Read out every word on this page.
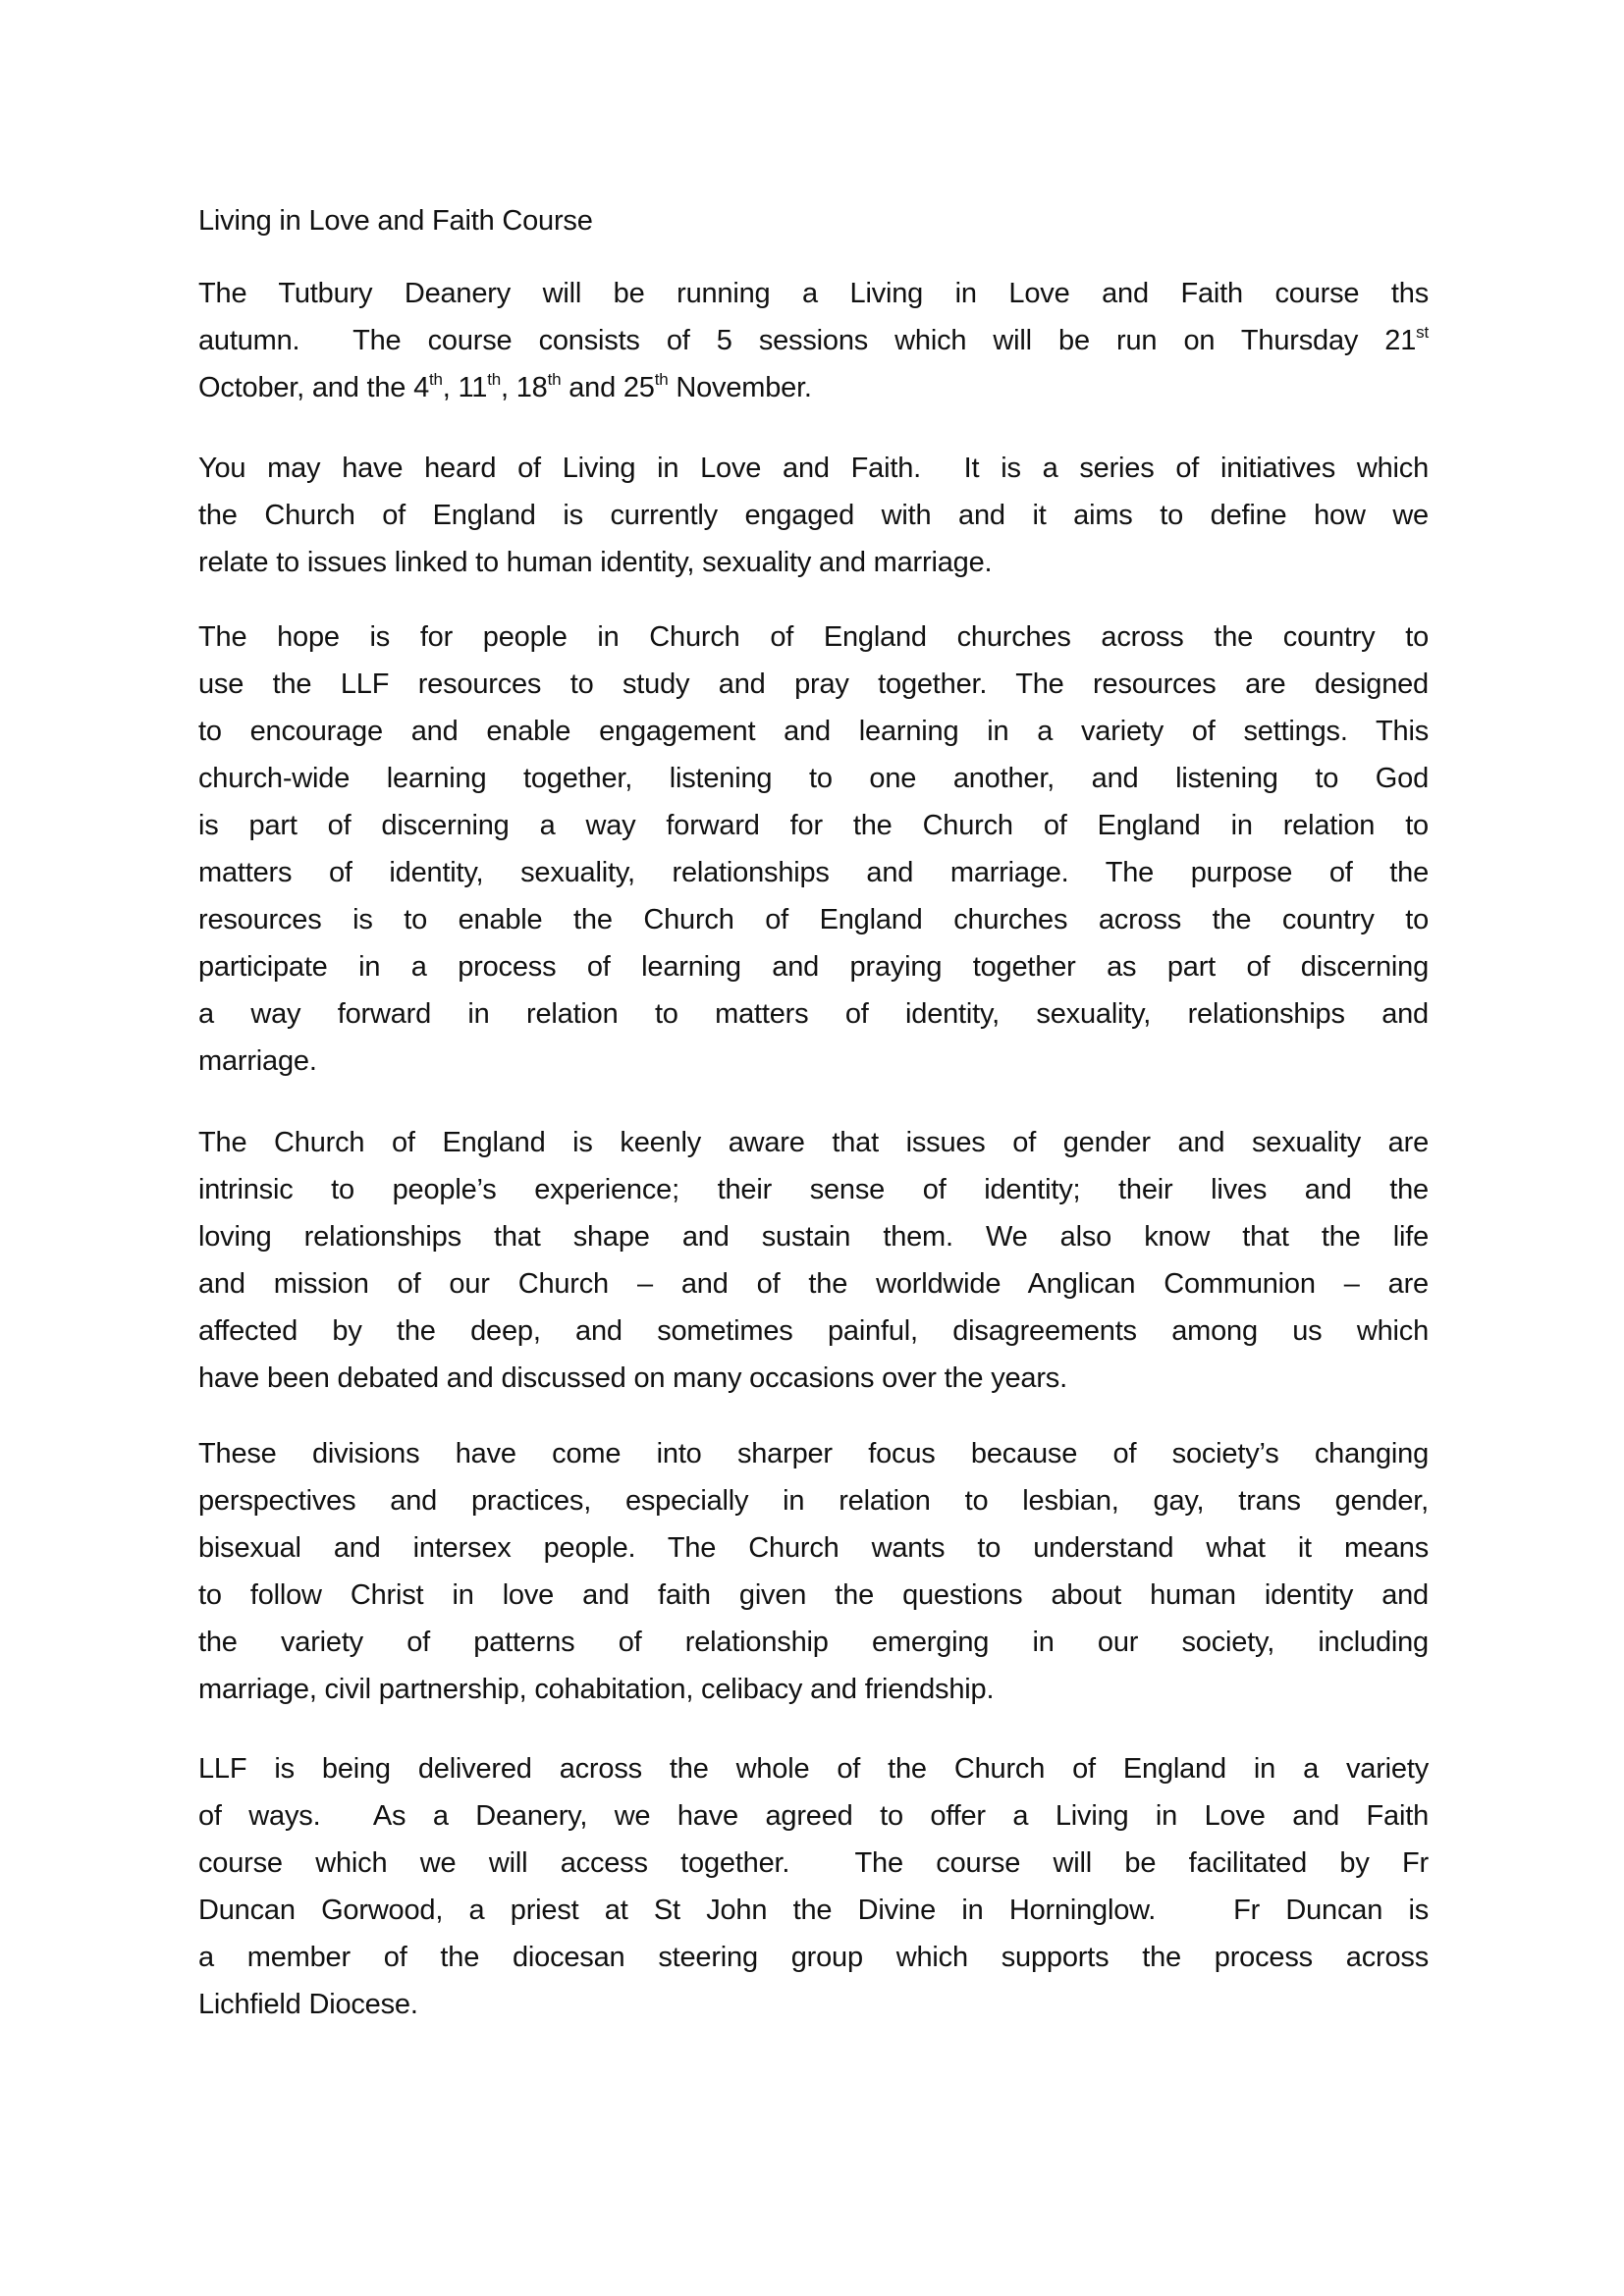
Living in Love and Faith Course
The Tutbury Deanery will be running a Living in Love and Faith course ths
autumn.  The course consists of 5 sessions which will be run on Thursday 21st
October, and the 4th, 11th, 18th and 25th November.
You may have heard of Living in Love and Faith.  It is a series of initiatives which
the Church of England is currently engaged with and it aims to define how we
relate to issues linked to human identity, sexuality and marriage.
The hope is for people in Church of England churches across the country to
use the LLF resources to study and pray together. The resources are designed
to encourage and enable engagement and learning in a variety of settings. This
church-wide learning together, listening to one another, and listening to God
is part of discerning a way forward for the Church of England in relation to
matters of identity, sexuality, relationships and marriage. The purpose of the
resources is to enable the Church of England churches across the country to
participate in a process of learning and praying together as part of discerning
a way forward in relation to matters of identity, sexuality, relationships and
marriage.
The Church of England is keenly aware that issues of gender and sexuality are
intrinsic to people’s experience; their sense of identity; their lives and the
loving relationships that shape and sustain them. We also know that the life
and mission of our Church – and of the worldwide Anglican Communion – are
affected by the deep, and sometimes painful, disagreements among us which
have been debated and discussed on many occasions over the years.
These divisions have come into sharper focus because of society’s changing
perspectives and practices, especially in relation to lesbian, gay, trans gender,
bisexual and intersex people. The Church wants to understand what it means
to follow Christ in love and faith given the questions about human identity and
the variety of patterns of relationship emerging in our society, including
marriage, civil partnership, cohabitation, celibacy and friendship.
LLF is being delivered across the whole of the Church of England in a variety
of ways.  As a Deanery, we have agreed to offer a Living in Love and Faith
course which we will access together.  The course will be facilitated by Fr
Duncan Gorwood, a priest at St John the Divine in Horninglow.   Fr Duncan is
a member of the diocesan steering group which supports the process across
Lichfield Diocese.
